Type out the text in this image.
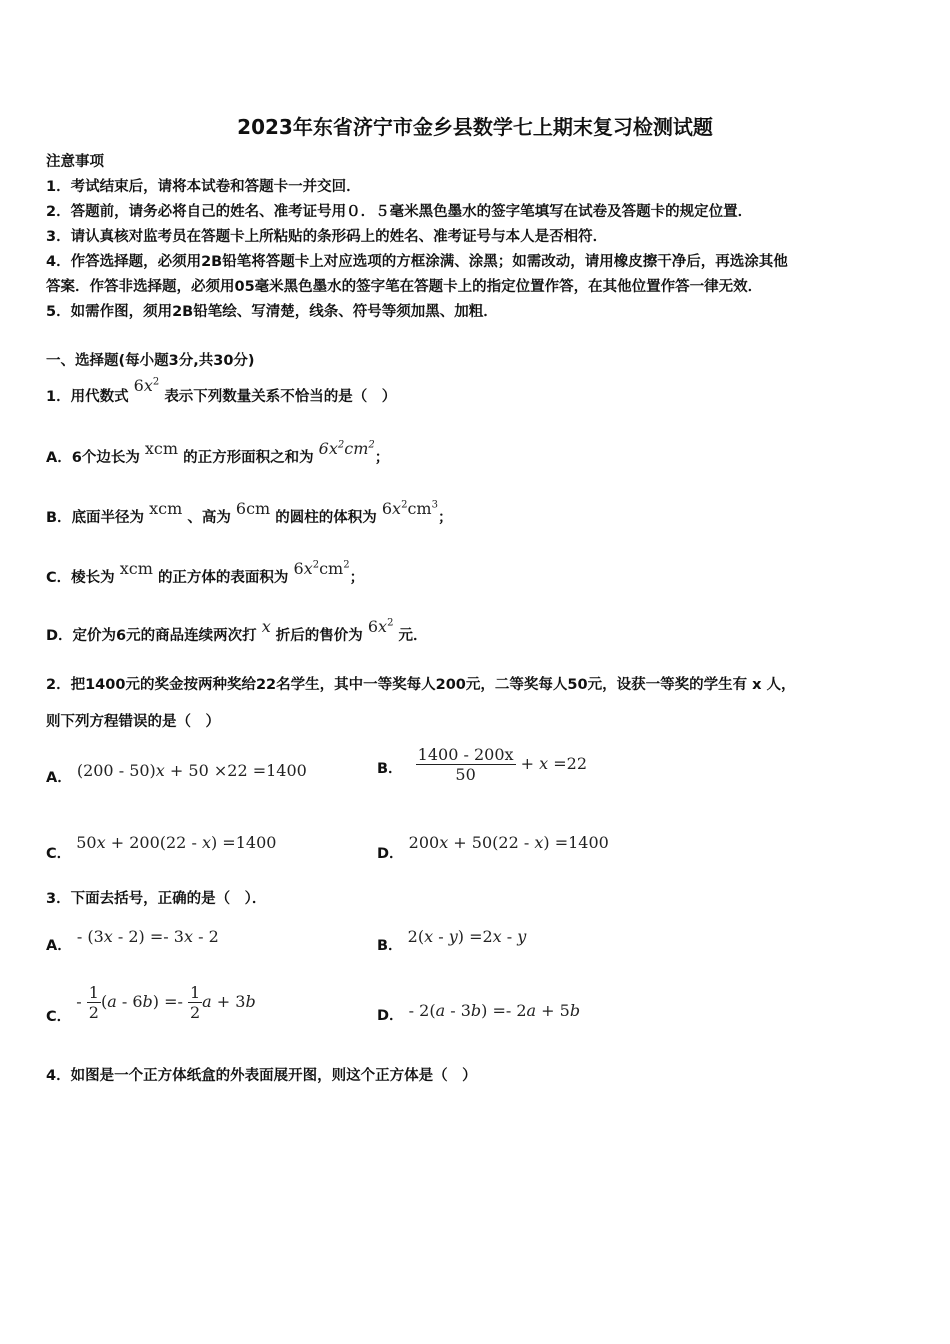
2023年东省济宁市金乡县数学七上期末复习检测试题
注意事项
1．考试结束后，请将本试卷和答题卡一并交回．
2．答题前，请务必将自己的姓名、准考证号用０．５毫米黑色墨水的签字笔填写在试卷及答题卡的规定位置．
3．请认真核对监考员在答题卡上所粘贴的条形码上的姓名、准考证号与本人是否相符．
4．作答选择题，必须用2B铅笔将答题卡上对应选项的方框涂满、涂黑；如需改动，请用橡皮擦干净后，再选涂其他
答案．作答非选择题，必须用05毫米黑色墨水的签字笔在答题卡上的指定位置作答，在其他位置作答一律无效．
5．如需作图，须用2B铅笔绘、写清楚，线条、符号等须加黑、加粗．
一、选择题(每小题3分,共30分)
1．用代数式 $6x^2$ 表示下列数量关系不恰当的是（　）
A．6个边长为 xcm 的正方形面积之和为 $6x^2cm^2$；
B．底面半径为 xcm 、高为 6cm 的圆柱的体积为 $6x^2cm^3$；
C．棱长为 xcm 的正方体的表面积为 $6x^2cm^2$；
D．定价为6元的商品连续两次打 x 折后的售价为 $6x^2$ 元．
2．把1400元的奖金按两种奖给22名学生，其中一等奖每人200元，二等奖每人50元，设获一等奖的学生有 x 人，
则下列方程错误的是（　）
A． (200 - 50)x + 50 ×22 =1400	B． $\frac{1400 - 200x}{50} + x =22$
C． 50x + 200(22 - x) =1400
D． 200x + 50(22 - x) =1400
3．下面去括号，正确的是（　）．
A． - (3x - 2) =- 3x - 2	B． 2(x - y) =2x - y
C． - $\frac{1}{2} (a - 6b) =- \frac{1}{2}$ a + 3b
D． - 2(a - 3b) =- 2a + 5b
4．如图是一个正方体纸盒的外表面展开图，则这个正方体是（　）
